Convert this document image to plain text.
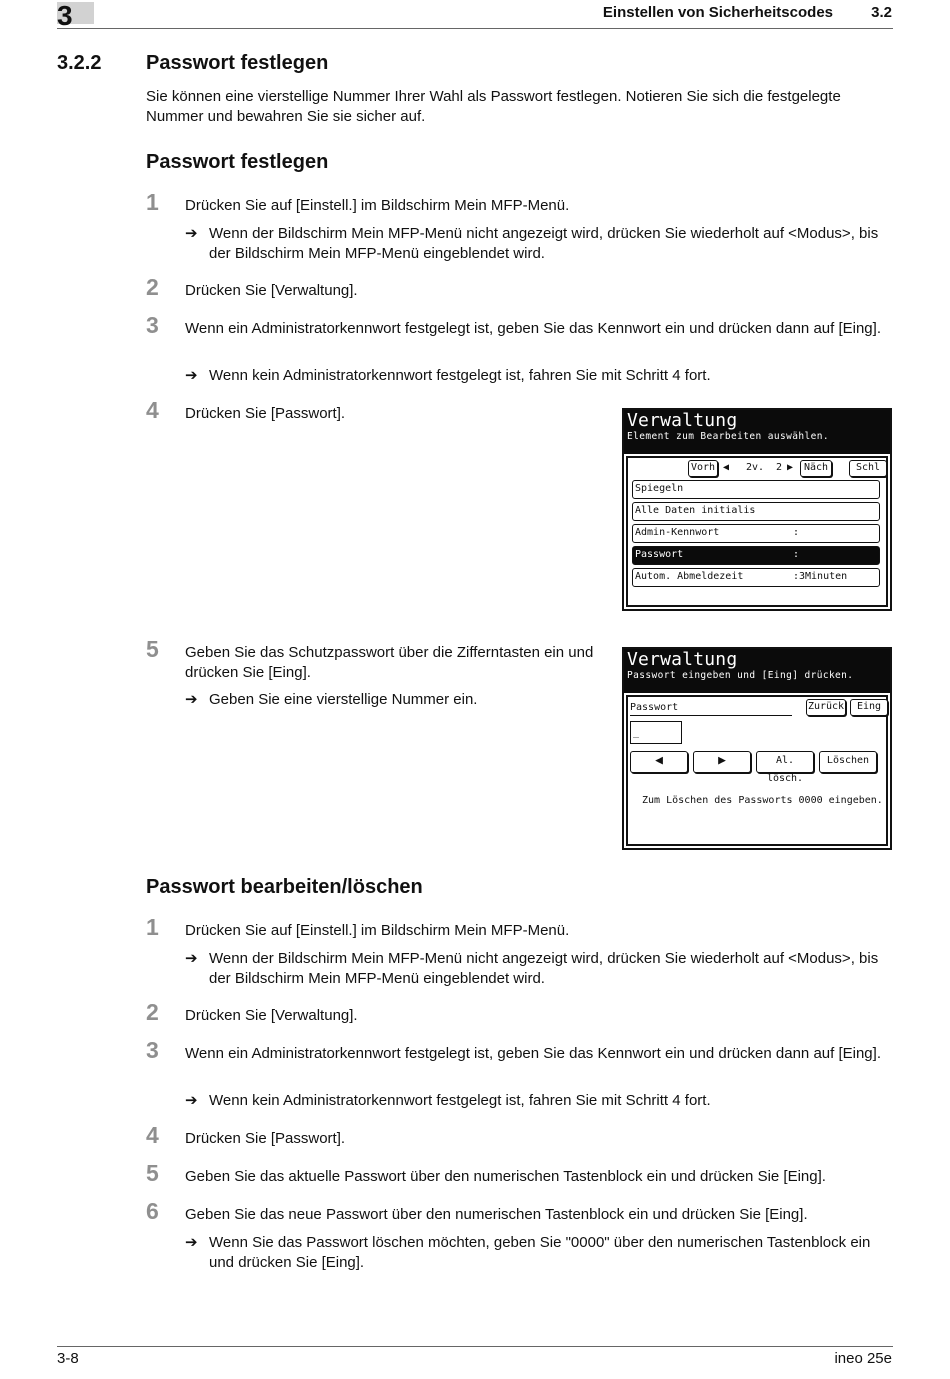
3	Einstellen von Sicherheitscodes	3.2
3.2.2 Passwort festlegen
Sie können eine vierstellige Nummer Ihrer Wahl als Passwort festlegen. Notieren Sie sich die festgelegte Nummer und bewahren Sie sie sicher auf.
Passwort festlegen
1 Drücken Sie auf [Einstell.] im Bildschirm Mein MFP-Menü.
➔ Wenn der Bildschirm Mein MFP-Menü nicht angezeigt wird, drücken Sie wiederholt auf <Modus>, bis der Bildschirm Mein MFP-Menü eingeblendet wird.
2 Drücken Sie [Verwaltung].
3 Wenn ein Administratorkennwort festgelegt ist, geben Sie das Kennwort ein und drücken dann auf [Eing].
➔ Wenn kein Administratorkennwort festgelegt ist, fahren Sie mit Schritt 4 fort.
4 Drücken Sie [Passwort].	Verwaltung
Element zum Bearbeiten auswählen.
Vorh ◀ 2v. 2 ▶	Näch	Schl
Spiegeln
Alle Daten initialis
Admin-Kennwort	:
Passwort	:
Autom. Abmeldezeit	: 3Minuten
5 Geben Sie das Schutzpasswort über die Zifferntasten ein und drücken Sie [Eing].
➔ Geben Sie eine vierstellige Nummer ein.
Verwaltung
Passwort eingeben und [Eing] drücken.
Passwort	Zurück	Eing
_
◀	▶	Al. lösch.
Löschen
Zum Löschen des Passworts 0000 eingeben.
Passwort bearbeiten/löschen
1 Drücken Sie auf [Einstell.] im Bildschirm Mein MFP-Menü.
➔ Wenn der Bildschirm Mein MFP-Menü nicht angezeigt wird, drücken Sie wiederholt auf <Modus>, bis der Bildschirm Mein MFP-Menü eingeblendet wird.
2 Drücken Sie [Verwaltung].
3 Wenn ein Administratorkennwort festgelegt ist, geben Sie das Kennwort ein und drücken dann auf [Eing].
➔ Wenn kein Administratorkennwort festgelegt ist, fahren Sie mit Schritt 4 fort.
4 Drücken Sie [Passwort].
5 Geben Sie das aktuelle Passwort über den numerischen Tastenblock ein und drücken Sie [Eing].
6 Geben Sie das neue Passwort über den numerischen Tastenblock ein und drücken Sie [Eing].
➔ Wenn Sie das Passwort löschen möchten, geben Sie "0000" über den numerischen Tastenblock ein und drücken Sie [Eing].
3-8	ineo 25e
